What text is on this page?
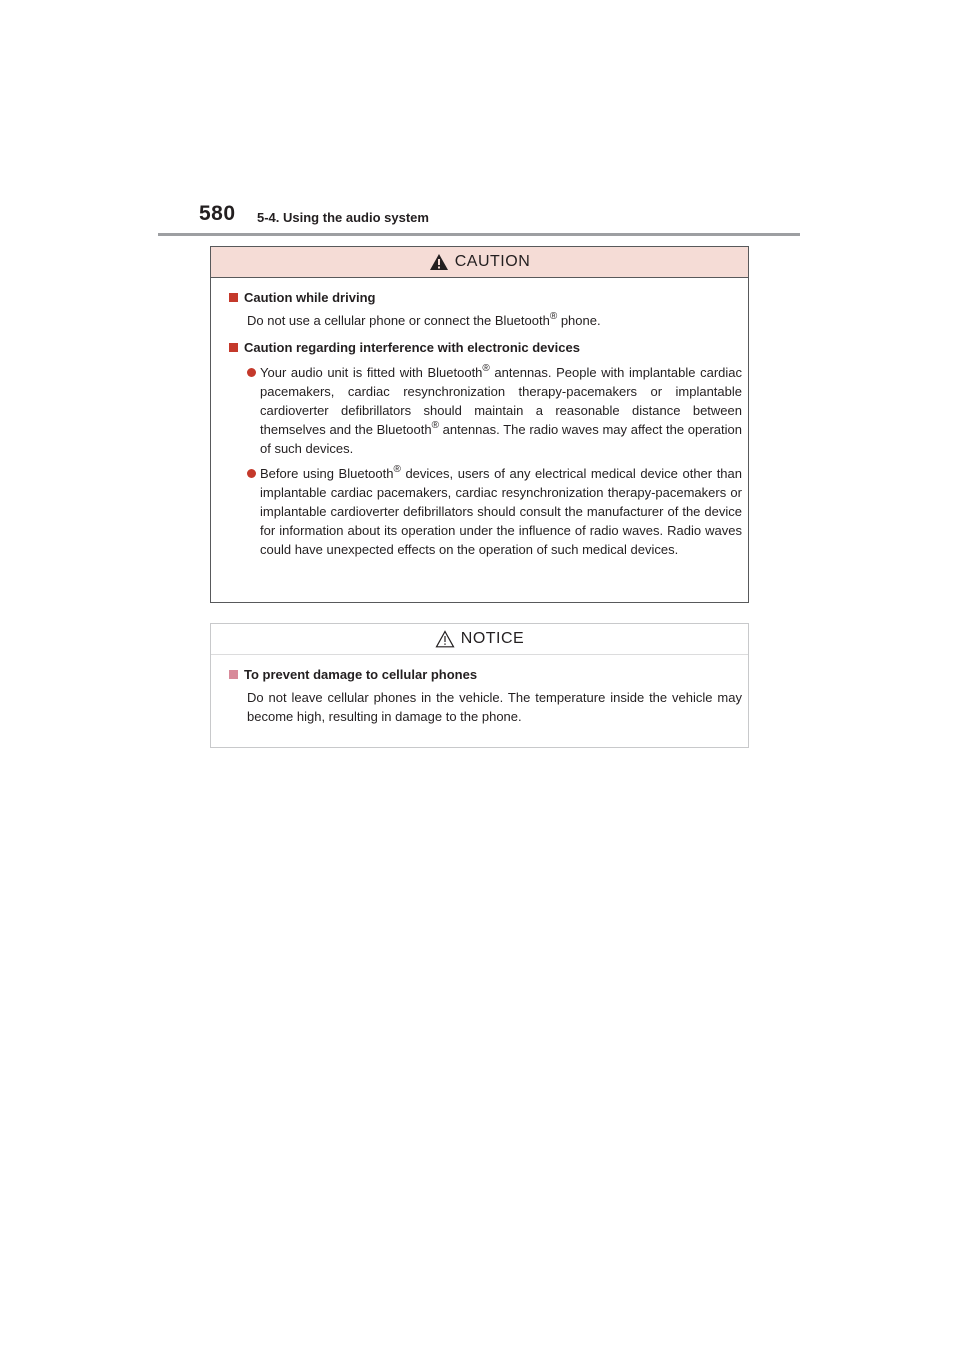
580 5-4. Using the audio system
CAUTION
Caution while driving
Do not use a cellular phone or connect the Bluetooth® phone.
Caution regarding interference with electronic devices
Your audio unit is fitted with Bluetooth® antennas. People with implantable cardiac pacemakers, cardiac resynchronization therapy-pacemakers or implantable cardioverter defibrillators should maintain a reasonable distance between themselves and the Bluetooth® antennas. The radio waves may affect the operation of such devices.
Before using Bluetooth® devices, users of any electrical medical device other than implantable cardiac pacemakers, cardiac resynchronization therapy-pacemakers or implantable cardioverter defibrillators should consult the manufacturer of the device for information about its operation under the influence of radio waves. Radio waves could have unexpected effects on the operation of such medical devices.
NOTICE
To prevent damage to cellular phones
Do not leave cellular phones in the vehicle. The temperature inside the vehicle may become high, resulting in damage to the phone.
